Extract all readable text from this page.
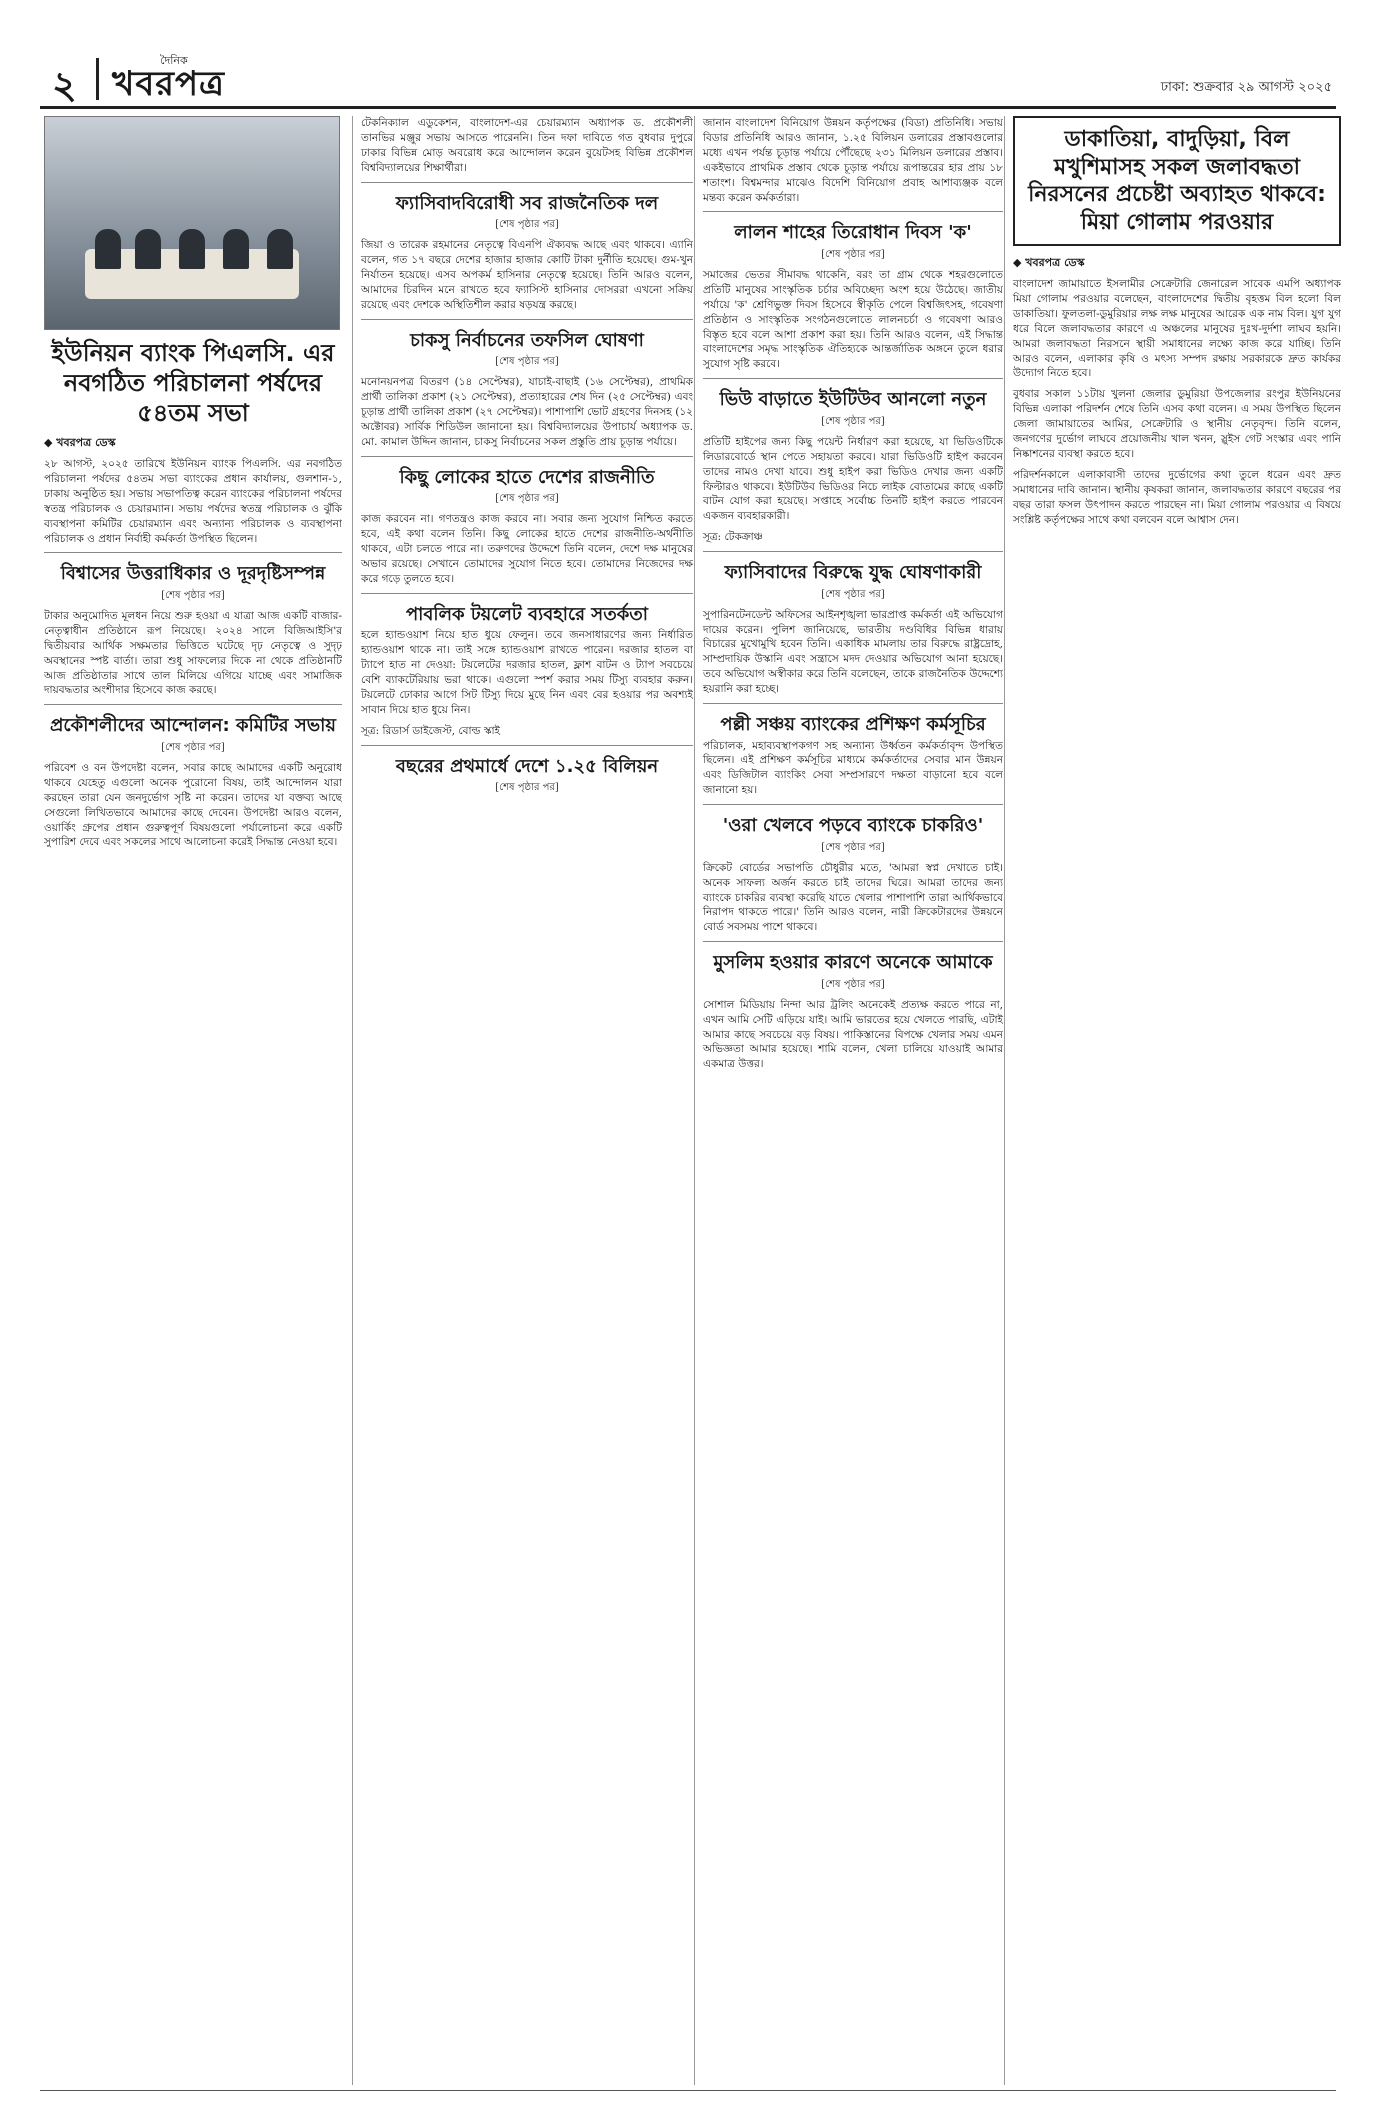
২
দৈনিক
খবরপত্র	ঢাকা: শুক্রবার ২৯ আগস্ট ২০২৫
ইউনিয়ন ব্যাংক পিএলসি. এর নবগঠিত পরিচালনা পর্ষদের ৫৪তম সভা
◆ খবরপত্র ডেস্ক

২৮ আগস্ট, ২০২৫ তারিখে ইউনিয়ন ব্যাংক পিএলসি. এর নবগঠিত পরিচালনা পর্ষদের ৫৪তম সভা ব্যাংকের প্রধান কার্যালয়, গুলশান-১, ঢাকায় অনুষ্ঠিত হয়। সভায় সভাপতিত্ব করেন ব্যাংকের পরিচালনা পর্ষদের স্বতন্ত্র পরিচালক ও চেয়ারম্যান। সভায় পর্ষদের স্বতন্ত্র পরিচালক ও ঝুঁকি ব্যবস্থাপনা কমিটির চেয়ারম্যান এবং অন্যান্য পরিচালক ও ব্যবস্থাপনা পরিচালক ও প্রধান নির্বাহী কর্মকর্তা উপস্থিত ছিলেন।

বিশ্বাসের উত্তরাধিকার ও দূরদৃষ্টিসম্পন্ন
[শেষ পৃষ্ঠার পর]

টাকার অনুমোদিত মূলধন নিয়ে শুরু হওয়া এ যাত্রা আজ একটি বাজার-নেতৃত্বাধীন প্রতিষ্ঠানে রূপ নিয়েছে। ২০২৪ সালে বিজিআইসি'র দ্বিতীয়বার আর্থিক সক্ষমতার ভিত্তিতে ঘটেছে দৃঢ় নেতৃত্বে ও সুদৃঢ় অবস্থানের স্পষ্ট বার্তা। তারা শুধু সাফল্যের দিকে না থেকে প্রতিষ্ঠানটি আজ প্রতিষ্ঠাতার সাথে তাল মিলিয়ে এগিয়ে যাচ্ছে এবং সামাজিক দায়বদ্ধতার অংশীদার হিসেবে কাজ করছে।

প্রকৌশলীদের আন্দোলন: কমিটির সভায়
[শেষ পৃষ্ঠার পর]

পরিবেশ ও বন উপদেষ্টা বলেন, সবার কাছে আমাদের একটি অনুরোধ থাকবে যেহেতু এগুলো অনেক পুরোনো বিষয়, তাই আন্দোলন যারা করছেন তারা যেন জনদুর্ভোগ সৃষ্টি না করেন। তাদের যা বক্তব্য আছে সেগুলো লিখিতভাবে আমাদের কাছে দেবেন। উপদেষ্টা আরও বলেন, ওয়ার্কিং গ্রুপের প্রধান গুরুত্বপূর্ণ বিষয়গুলো পর্যালোচনা করে একটি সুপারিশ দেবে এবং সকলের সাথে আলোচনা করেই সিদ্ধান্ত নেওয়া হবে।

টেকনিক্যাল এডুকেশন, বাংলাদেশ-এর চেয়ারম্যান অধ্যাপক ড. প্রকৌশলী তানভির মঞ্জুর সভায় আসতে পারেননি। তিন দফা দাবিতে গত বুধবার দুপুরে ঢাকার বিভিন্ন মোড় অবরোধ করে আন্দোলন করেন বুয়েটসহ বিভিন্ন প্রকৌশল বিশ্ববিদ্যালয়ের শিক্ষার্থীরা।

ফ্যাসিবাদবিরোধী সব রাজনৈতিক দল
[শেষ পৃষ্ঠার পর]

জিয়া ও তারেক রহমানের নেতৃত্বে বিএনপি ঐক্যবদ্ধ আছে এবং থাকবে। এ্যানি বলেন, গত ১৭ বছরে দেশের হাজার হাজার কোটি টাকা দুর্নীতি হয়েছে। গুম-খুন নির্যাতন হয়েছে। এসব অপকর্ম হাসিনার নেতৃত্বে হয়েছে। তিনি আরও বলেন, আমাদের চিরদিন মনে রাখতে হবে ফ্যাসিস্ট হাসিনার দোসররা এখনো সক্রিয় রয়েছে এবং দেশকে অস্থিতিশীল করার ষড়যন্ত্র করছে।

চাকসু নির্বাচনের তফসিল ঘোষণা
[শেষ পৃষ্ঠার পর]

মনোনয়নপত্র বিতরণ (১৪ সেপ্টেম্বর), যাচাই-বাছাই (১৬ সেপ্টেম্বর), প্রাথমিক প্রার্থী তালিকা প্রকাশ (২১ সেপ্টেম্বর), প্রত্যাহারের শেষ দিন (২৫ সেপ্টেম্বর) এবং চূড়ান্ত প্রার্থী তালিকা প্রকাশ (২৭ সেপ্টেম্বর)। পাশাপাশি ভোট গ্রহণের দিনসহ (১২ অক্টোবর) সার্বিক শিডিউল জানানো হয়। বিশ্ববিদ্যালয়ের উপাচার্য অধ্যাপক ড. মো. কামাল উদ্দিন জানান, চাকসু নির্বাচনের সকল প্রস্তুতি প্রায় চূড়ান্ত পর্যায়ে।

কিছু লোকের হাতে দেশের রাজনীতি
[শেষ পৃষ্ঠার পর]

কাজ করবেন না। গণতন্ত্রও কাজ করবে না। সবার জন্য সুযোগ নিশ্চিত করতে হবে, এই কথা বলেন তিনি। কিছু লোকের হাতে দেশের রাজনীতি-অর্থনীতি থাকবে, এটা চলতে পারে না। তরুণদের উদ্দেশে তিনি বলেন, দেশে দক্ষ মানুষের অভাব রয়েছে। সেখানে তোমাদের সুযোগ নিতে হবে। তোমাদের নিজেদের দক্ষ করে গড়ে তুলতে হবে।

পাবলিক টয়লেট ব্যবহারে সতর্কতা

হলে হ্যান্ডওয়াশ নিয়ে হাত ধুয়ে ফেলুন। তবে জনসাধারণের জন্য নির্ধারিত হ্যান্ডওয়াশ থাকে না। তাই সঙ্গে হ্যান্ডওয়াশ রাখতে পারেন। দরজার হাতল বা ট্যাপে হাত না দেওয়া: টয়লেটের দরজার হাতল, ফ্লাশ বাটন ও ট্যাপ সবচেয়ে বেশি ব্যাকটেরিয়ায় ভরা থাকে। এগুলো স্পর্শ করার সময় টিস্যু ব্যবহার করুন। টয়লেটে ঢোকার আগে সিট টিস্যু দিয়ে মুছে নিন এবং বের হওয়ার পর অবশ্যই সাবান দিয়ে হাত ধুয়ে নিন।

সূত্র: রিডার্স ডাইজেস্ট, বোল্ড স্কাই

বছরের প্রথমার্ধে দেশে ১.২৫ বিলিয়ন
[শেষ পৃষ্ঠার পর]

জানান বাংলাদেশ বিনিয়োগ উন্নয়ন কর্তৃপক্ষের (বিডা) প্রতিনিধি। সভায় বিডার প্রতিনিধি আরও জানান, ১.২৫ বিলিয়ন ডলারের প্রস্তাবগুলোর মধ্যে এখন পর্যন্ত চূড়ান্ত পর্যায়ে পৌঁছেছে ২৩১ মিলিয়ন ডলারের প্রস্তাব। একইভাবে প্রাথমিক প্রস্তাব থেকে চূড়ান্ত পর্যায়ে রূপান্তরের হার প্রায় ১৮ শতাংশ। বিশ্বমন্দার মাঝেও বিদেশি বিনিয়োগ প্রবাহ আশাব্যঞ্জক বলে মন্তব্য করেন কর্মকর্তারা।

লালন শাহের তিরোধান দিবস 'ক'
[শেষ পৃষ্ঠার পর]

সমাজের ভেতর সীমাবদ্ধ থাকেনি, বরং তা গ্রাম থেকে শহরগুলোতে প্রতিটি মানুষের সাংস্কৃতিক চর্চার অবিচ্ছেদ্য অংশ হয়ে উঠেছে। জাতীয় পর্যায়ে 'ক' শ্রেণিভুক্ত দিবস হিসেবে স্বীকৃতি পেলে বিশ্বজিৎসহ, গবেষণা প্রতিষ্ঠান ও সাংস্কৃতিক সংগঠনগুলোতে লালনচর্চা ও গবেষণা আরও বিস্তৃত হবে বলে আশা প্রকাশ করা হয়। তিনি আরও বলেন, এই সিদ্ধান্ত বাংলাদেশের সমৃদ্ধ সাংস্কৃতিক ঐতিহ্যকে আন্তর্জাতিক অঙ্গনে তুলে ধরার সুযোগ সৃষ্টি করবে।

ভিউ বাড়াতে ইউটিউব আনলো নতুন
[শেষ পৃষ্ঠার পর]

প্রতিটি হাইপের জন্য কিছু পয়েন্ট নির্ধারণ করা হয়েছে, যা ভিডিওটিকে লিডারবোর্ডে স্থান পেতে সহায়তা করবে। যারা ভিডিওটি হাইপ করবেন তাদের নামও দেখা যাবে। শুধু হাইপ করা ভিডিও দেখার জন্য একটি ফিল্টারও থাকবে। ইউটিউব ভিডিওর নিচে লাইক বোতামের কাছে একটি বাটন যোগ করা হয়েছে। সপ্তাহে সর্বোচ্চ তিনটি হাইপ করতে পারবেন একজন ব্যবহারকারী।

সূত্র: টেকক্রাঞ্চ

ফ্যাসিবাদের বিরুদ্ধে যুদ্ধ ঘোষণাকারী
[শেষ পৃষ্ঠার পর]

সুপারিনটেনডেন্ট অফিসের আইনশৃঙ্খলা ভারপ্রাপ্ত কর্মকর্তা এই অভিযোগ দায়ের করেন। পুলিশ জানিয়েছে, ভারতীয় দণ্ডবিধির বিভিন্ন ধারায় বিচারের মুখোমুখি হবেন তিনি। একাধিক মামলায় তার বিরুদ্ধে রাষ্ট্রদ্রোহ, সাম্প্রদায়িক উস্কানি এবং সন্ত্রাসে মদদ দেওয়ার অভিযোগ আনা হয়েছে। তবে অভিযোগ অস্বীকার করে তিনি বলেছেন, তাকে রাজনৈতিক উদ্দেশ্যে হয়রানি করা হচ্ছে।

পল্লী সঞ্চয় ব্যাংকের প্রশিক্ষণ কর্মসূচির

পরিচালক, মহাব্যবস্থাপকগণ সহ অন্যান্য উর্ধ্বতন কর্মকর্তাবৃন্দ উপস্থিত ছিলেন। এই প্রশিক্ষণ কর্মসূচির মাধ্যমে কর্মকর্তাদের সেবার মান উন্নয়ন এবং ডিজিটাল ব্যাংকিং সেবা সম্প্রসারণে দক্ষতা বাড়ানো হবে বলে জানানো হয়।

'ওরা খেলবে পড়বে ব্যাংকে চাকরিও'
[শেষ পৃষ্ঠার পর]

ক্রিকেট বোর্ডের সভাপতি চৌধুরীর মতে, 'আমরা স্বপ্ন দেখাতে চাই। অনেক সাফল্য অর্জন করতে চাই তাদের ঘিরে। আমরা তাদের জন্য ব্যাংকে চাকরির ব্যবস্থা করেছি যাতে খেলার পাশাপাশি তারা আর্থিকভাবে নিরাপদ থাকতে পারে।' তিনি আরও বলেন, নারী ক্রিকেটারদের উন্নয়নে বোর্ড সবসময় পাশে থাকবে।

মুসলিম হওয়ার কারণে অনেকে আমাকে
[শেষ পৃষ্ঠার পর]

সোশাল মিডিয়ায় নিন্দা আর ট্রলিং অনেকেই প্রত্যক্ষ করতে পারে না, এখন আমি সেটি এড়িয়ে যাই। আমি ভারতের হয়ে খেলতে পারছি, এটাই আমার কাছে সবচেয়ে বড় বিষয়। পাকিস্তানের বিপক্ষে খেলার সময় এমন অভিজ্ঞতা আমার হয়েছে। শামি বলেন, খেলা চালিয়ে যাওয়াই আমার একমাত্র উত্তর।

ডাকাতিয়া, বাদুড়িয়া, বিল মখুশিমাসহ সকল জলাবদ্ধতা নিরসনের প্রচেষ্টা অব্যাহত থাকবে: মিয়া গোলাম পরওয়ার
◆ খবরপত্র ডেস্ক

বাংলাদেশ জামায়াতে ইসলামীর সেক্রেটারি জেনারেল সাবেক এমপি অধ্যাপক মিয়া গোলাম পরওয়ার বলেছেন, বাংলাদেশের দ্বিতীয় বৃহত্তম বিল হলো বিল ডাকাতিয়া। ফুলতলা-ডুমুরিয়ার লক্ষ লক্ষ মানুষের আরেক এক নাম বিল। যুগ যুগ ধরে বিলে জলাবদ্ধতার কারণে এ অঞ্চলের মানুষের দুঃখ-দুর্দশা লাঘব হয়নি। আমরা জলাবদ্ধতা নিরসনে স্থায়ী সমাধানের লক্ষ্যে কাজ করে যাচ্ছি। তিনি আরও বলেন, এলাকার কৃষি ও মৎস্য সম্পদ রক্ষায় সরকারকে দ্রুত কার্যকর উদ্যোগ নিতে হবে।

বুধবার সকাল ১১টায় খুলনা জেলার ডুমুরিয়া উপজেলার রংপুর ইউনিয়নের বিভিন্ন এলাকা পরিদর্শন শেষে তিনি এসব কথা বলেন। এ সময় উপস্থিত ছিলেন জেলা জামায়াতের আমির, সেক্রেটারি ও স্থানীয় নেতৃবৃন্দ। তিনি বলেন, জনগণের দুর্ভোগ লাঘবে প্রয়োজনীয় খাল খনন, স্লুইস গেট সংস্কার এবং পানি নিষ্কাশনের ব্যবস্থা করতে হবে।

পরিদর্শনকালে এলাকাবাসী তাদের দুর্ভোগের কথা তুলে ধরেন এবং দ্রুত সমাধানের দাবি জানান। স্থানীয় কৃষকরা জানান, জলাবদ্ধতার কারণে বছরের পর বছর তারা ফসল উৎপাদন করতে পারছেন না। মিয়া গোলাম পরওয়ার এ বিষয়ে সংশ্লিষ্ট কর্তৃপক্ষের সাথে কথা বলবেন বলে আশ্বাস দেন।
